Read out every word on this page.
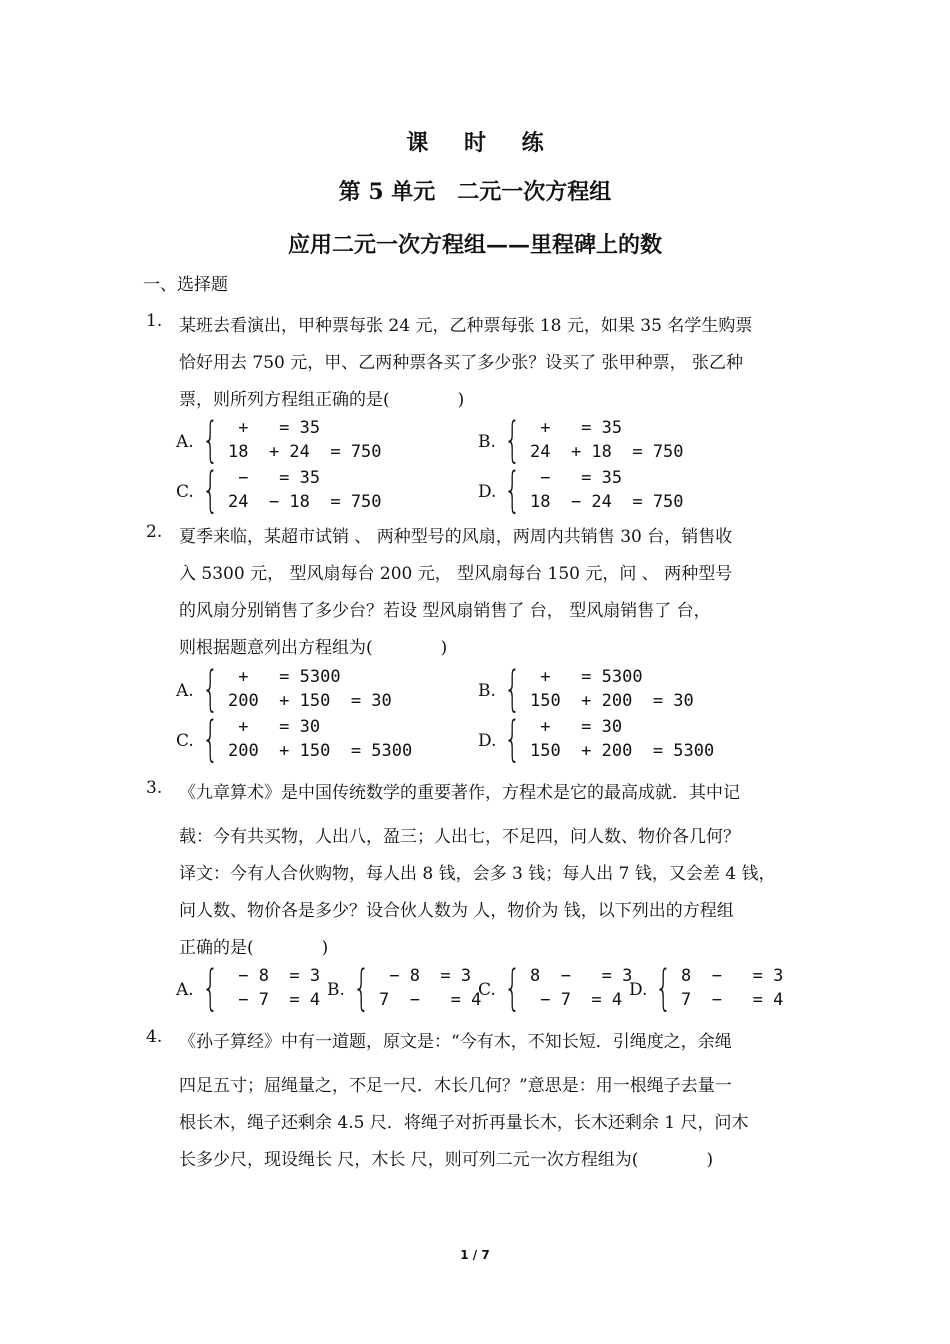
课 时 练
第 5 单元　二元一次方程组
应用二元一次方程组——里程碑上的数
一、选择题
1. 某班去看演出，甲种票每张 24 元，乙种票每张 18 元，如果 35 名学生购票
恰好用去 750 元，甲、乙两种票各买了多少张？设买了 张甲种票， 张乙种
票，则所列方程组正确的是(　　　　)
A. { +   = 35
18  + 24  = 750	B. { +   = 35
24  + 18  = 750
C. { −   = 35
24  − 18  = 750	D. { −   = 35
18  − 24  = 750
2. 夏季来临，某超市试销 、 两种型号的风扇，两周内共销售 30 台，销售收
入 5300 元， 型风扇每台 200 元， 型风扇每台 150 元，问 、 两种型号
的风扇分别销售了多少台？若设 型风扇销售了 台， 型风扇销售了 台，
则根据题意列出方程组为(　　　　)
A. { +   = 5300
200  + 150  = 30	B. { +   = 5300
150  + 200  = 30
C. { +   = 30
200  + 150  = 5300	D. { +   = 30
150  + 200  = 5300
3. 《九章算术》是中国传统数学的重要著作，方程术是它的最高成就．其中记
载：今有共买物，人出八，盈三；人出七，不足四，问人数、物价各几何？
译文：今有人合伙购物，每人出 8 钱，会多 3 钱；每人出 7 钱，又会差 4 钱，
问人数、物价各是多少？设合伙人数为 人，物价为 钱，以下列出的方程组
正确的是(　　　　)
A. { − 8  = 3
− 7  = 4 B. { − 8  = 3
7  −   = 4
C. { 8  −   = 3
− 7  = 4 D. { 8  −   = 3
7  −   = 4
4. 《孙子算经》中有一道题，原文是：“今有木，不知长短．引绳度之，余绳
四足五寸；屈绳量之，不足一尺．木长几何？”意思是：用一根绳子去量一
根长木，绳子还剩余 4.5 尺．将绳子对折再量长木，长木还剩余 1 尺，问木
长多少尺，现设绳长 尺，木长 尺，则可列二元一次方程组为(　　　　)
1 / 7
